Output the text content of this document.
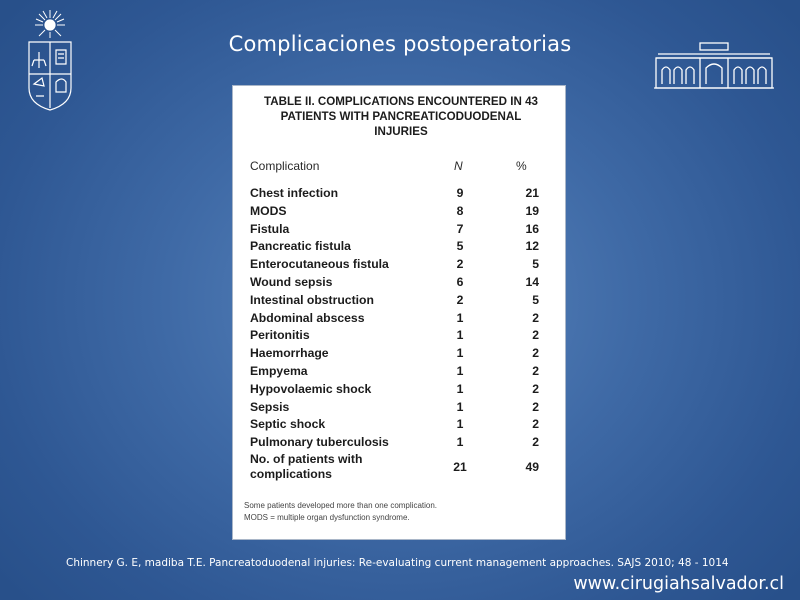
Complicaciones postoperatorias
TABLE II. COMPLICATIONS ENCOUNTERED IN 43 PATIENTS WITH PANCREATICODUODENAL INJURIES
Complication	N	%
Chest infection	9	21
MODS	8	19
Fistula	7	16
Pancreatic fistula	5	12
Enterocutaneous fistula	2	5
Wound sepsis	6	14
Intestinal obstruction	2	5
Abdominal abscess	1	2
Peritonitis	1	2
Haemorrhage	1	2
Empyema	1	2
Hypovolaemic shock	1	2
Sepsis	1	2
Septic shock	1	2
Pulmonary tuberculosis	1	2
No. of patients with complications	21	49
Some patients developed more than one complication.
MODS = multiple organ dysfunction syndrome.
Chinnery G. E, madiba T.E. Pancreatoduodenal injuries: Re-evaluating current management approaches. SAJS 2010; 48 - 1014
www.cirugiahsalvador.cl
